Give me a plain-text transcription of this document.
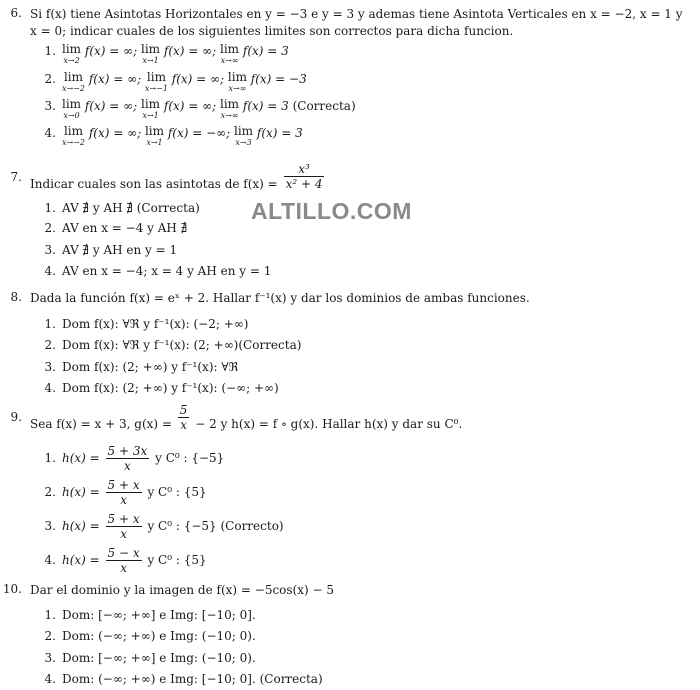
ALTILLO.COM
6. Si f(x) tiene Asintotas Horizontales en y = −3 e y = 3 y ademas tiene Asintota Verticales en x = −2, x = 1 y
x = 0; indicar cuales de los siguientes limites son correctos para dicha funcion.
7. Indicar cuales son las asintotas de $f(x) = \frac{\text{x³}}{\text{x² + 4}}$
8. Dada la función f(x) = eˣ + 2. Hallar f⁻¹(x) y dar los dominios de ambas funciones.
9. Sea f(x) = x + 3, $g(x) = \frac{5}{x} - 2$ y h(x) = f ∘ g(x). Hallar h(x) y dar su C⁰.
10. Dar el dominio y la imagen de f(x) = −5cos(x) − 5
1. lim
x→2
f(x) = ∞; lim
x→1
f(x) = ∞; lim
x→∞
f(x) = 3
2. lim
x→−2
f(x) = ∞; lim
x→−1
f(x) = ∞; lim
x→∞
f(x) = −3
3. lim
x→0
f(x) = ∞; lim
x→1
f(x) = ∞; lim
x→∞
f(x) = 3 (Correcta)
4. lim
x→−2
f(x) = ∞; lim
x→1
f(x) = −∞; lim
x→3
f(x) = 3
1. AV ∄ y AH ∄ (Correcta)
2. AV en x = −4 y AH ∄
3. AV ∄ y AH en y = 1
4. AV en x = −4; x = 4 y AH en y = 1
1. Dom f(x): ∀ℜ y f⁻¹(x): (−2; +∞)
2. Dom f(x): ∀ℜ y f⁻¹(x): (2; +∞)(Correcta)
3. Dom f(x): (2; +∞) y f⁻¹(x): ∀ℜ
4. Dom f(x): (2; +∞) y f⁻¹(x): (−∞; +∞)
1. Dom: [−∞; +∞] e Img: [−10; 0].
2. Dom: (−∞; +∞) e Img: (−10; 0).
3. Dom: [−∞; +∞] e Img: (−10; 0).
4. Dom: (−∞; +∞) e Img: [−10; 0]. (Correcta)
1. $h(x) = \frac{5 + 3x}{x}$ y C⁰ : {−5}
2. $h(x) = \frac{5 + x}{x}$ y C⁰ : {5}
3. $h(x) = \frac{5 + x}{x}$ y C⁰ : {−5} (Correcto)
4. $h(x) = \frac{5 - x}{x}$ y C⁰ : {5}
